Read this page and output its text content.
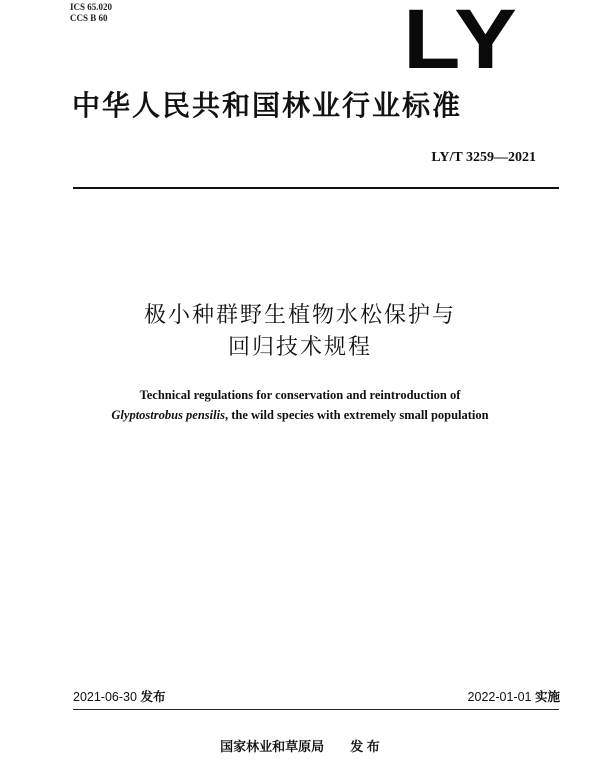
ICS 65.020
CCS B 60	LY
中华人民共和国林业行业标准
LY/T 3259—2021
极小种群野生植物水松保护与
回归技术规程
Technical regulations for conservation and reintroduction of
Glyptostrobus pensilis, the wild species with extremely small population
2021-06-30 发布	2022-01-01 实施
国家林业和草原局 发 布
